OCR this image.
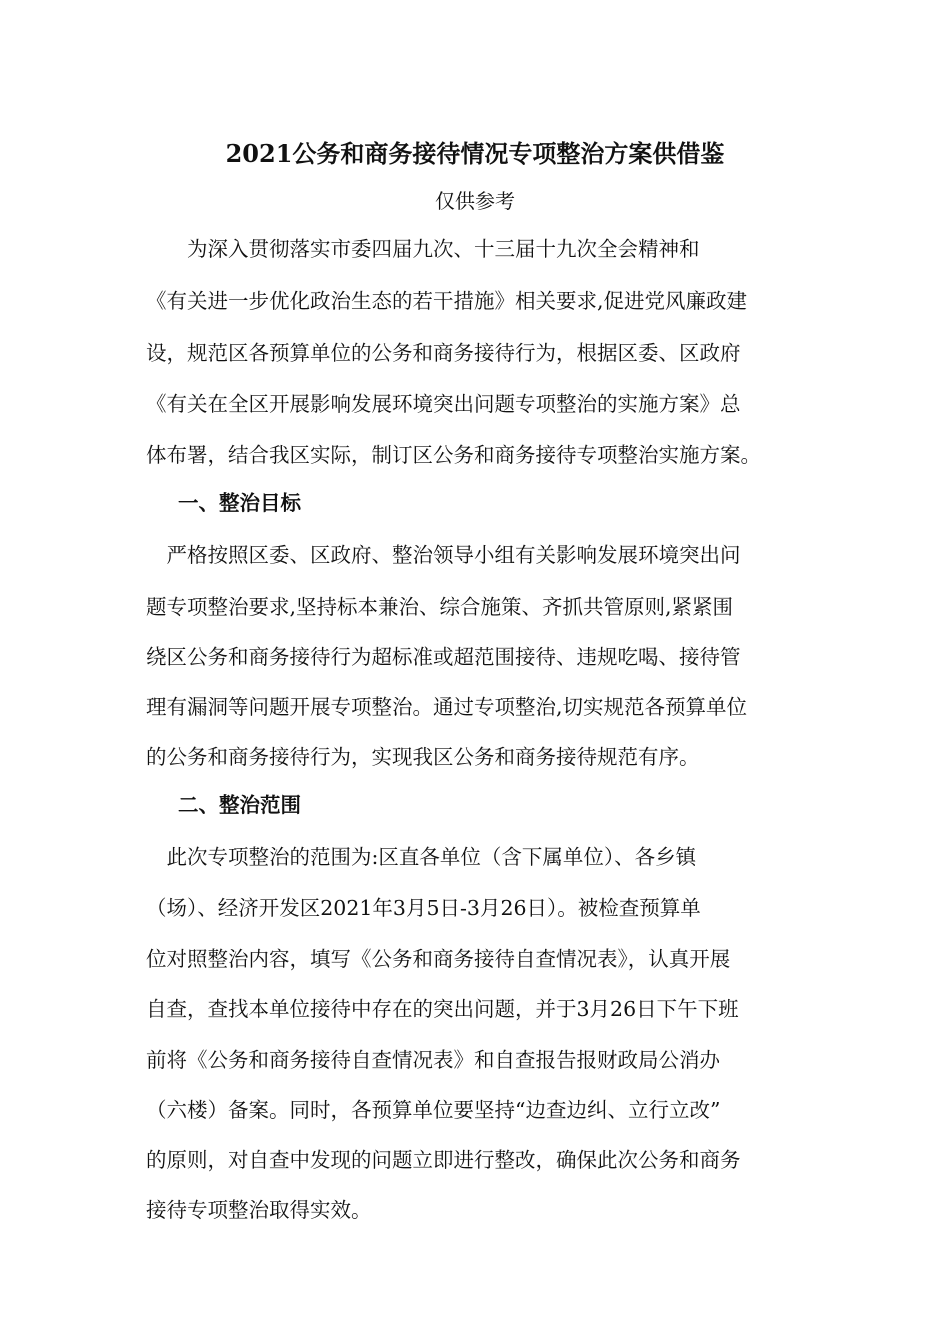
2021公务和商务接待情况专项整治方案供借鉴
仅供参考
　　为深入贯彻落实市委四届九次、十三届十九次全会精神和
《有关进一步优化政治生态的若干措施》相关要求,促进党风廉政建
设，规范区各预算单位的公务和商务接待行为，根据区委、区政府
《有关在全区开展影响发展环境突出问题专项整治的实施方案》总
体布署，结合我区实际，制订区公务和商务接待专项整治实施方案。
一、整治目标
　严格按照区委、区政府、整治领导小组有关影响发展环境突出问
题专项整治要求,坚持标本兼治、综合施策、齐抓共管原则,紧紧围
绕区公务和商务接待行为超标准或超范围接待、违规吃喝、接待管
理有漏洞等问题开展专项整治。通过专项整治,切实规范各预算单位
的公务和商务接待行为，实现我区公务和商务接待规范有序。
二、整治范围
　此次专项整治的范围为:区直各单位（含下属单位）、各乡镇
（场）、经济开发区2021年3月5日-3月26日）。被检查预算单
位对照整治内容，填写《公务和商务接待自查情况表》，认真开展
自查，查找本单位接待中存在的突出问题，并于3月26日下午下班
前将《公务和商务接待自查情况表》和自查报告报财政局公消办
（六楼）备案。同时，各预算单位要坚持“边查边纠、立行立改”
的原则，对自查中发现的问题立即进行整改，确保此次公务和商务
接待专项整治取得实效。
